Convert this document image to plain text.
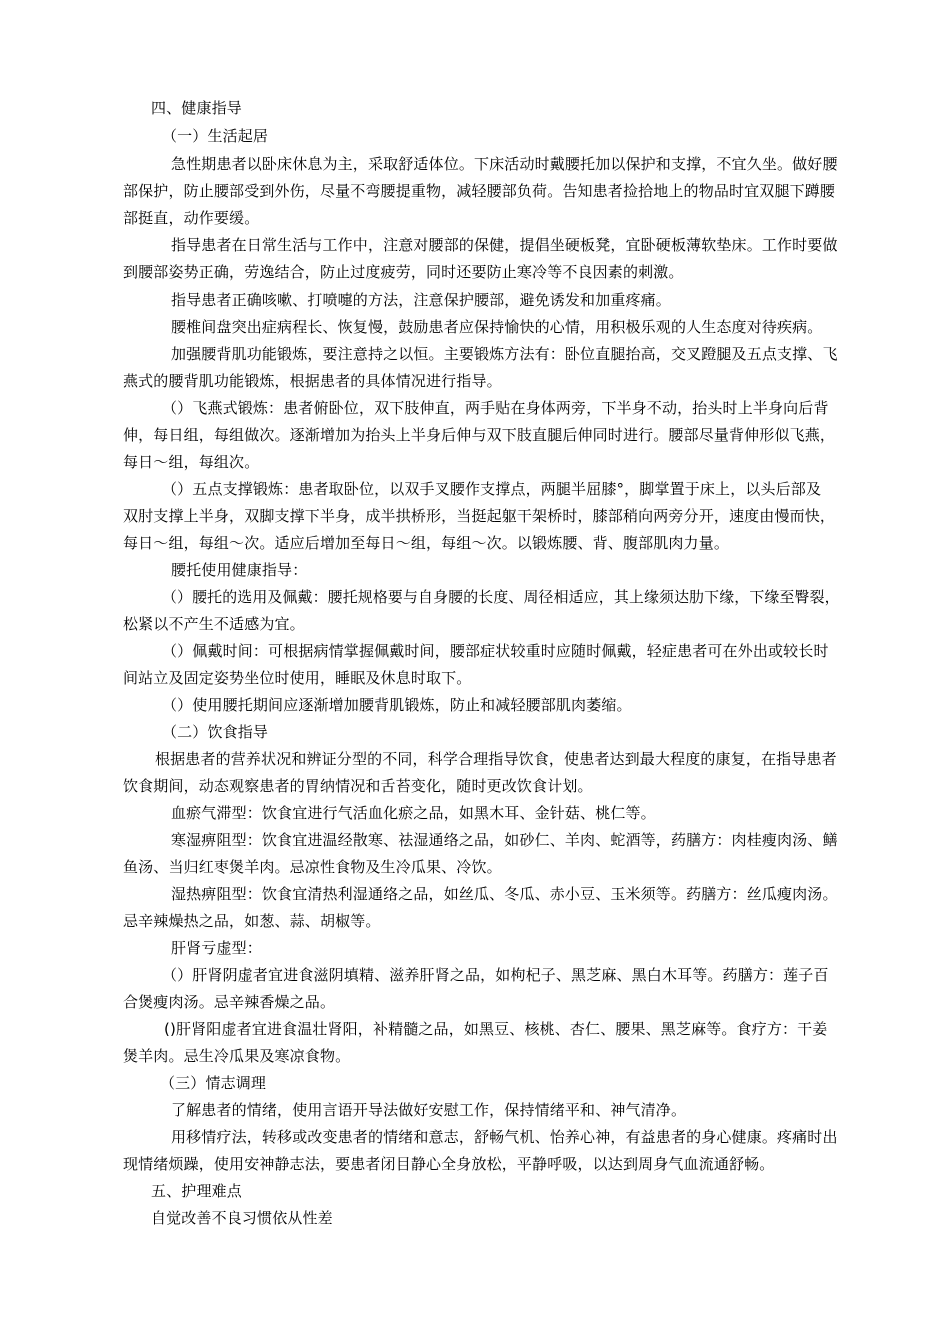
四、健康指导
（一）生活起居
急性期患者以卧床休息为主，采取舒适体位。下床活动时戴腰托加以保护和支撑，不宜久坐。做好腰
部保护，防止腰部受到外伤，尽量不弯腰提重物，减轻腰部负荷。告知患者捡拾地上的物品时宜双腿下蹲腰
部挺直，动作要缓。
指导患者在日常生活与工作中，注意对腰部的保健，提倡坐硬板凳，宜卧硬板薄软垫床。工作时要做
到腰部姿势正确，劳逸结合，防止过度疲劳，同时还要防止寒冷等不良因素的刺激。
指导患者正确咳嗽、打喷嚏的方法，注意保护腰部，避免诱发和加重疼痛。
腰椎间盘突出症病程长、恢复慢，鼓励患者应保持愉快的心情，用积极乐观的人生态度对待疾病。
加强腰背肌功能锻炼，要注意持之以恒。主要锻炼方法有：卧位直腿抬高，交叉蹬腿及五点支撑、飞
燕式的腰背肌功能锻炼，根据患者的具体情况进行指导。
（）飞燕式锻炼：患者俯卧位，双下肢伸直，两手贴在身体两旁，下半身不动，抬头时上半身向后背
伸，每日组，每组做次。逐渐增加为抬头上半身后伸与双下肢直腿后伸同时进行。腰部尽量背伸形似飞燕，
每日～组，每组次。
（）五点支撑锻炼：患者取卧位，以双手叉腰作支撑点，两腿半屈膝°，脚掌置于床上，以头后部及
双肘支撑上半身，双脚支撑下半身，成半拱桥形，当挺起躯干架桥时，膝部稍向两旁分开，速度由慢而快，
每日～组，每组～次。适应后增加至每日～组，每组～次。以锻炼腰、背、腹部肌肉力量。
腰托使用健康指导：
（）腰托的选用及佩戴：腰托规格要与自身腰的长度、周径相适应，其上缘须达肋下缘，下缘至臀裂，
松紧以不产生不适感为宜。
（）佩戴时间：可根据病情掌握佩戴时间，腰部症状较重时应随时佩戴，轻症患者可在外出或较长时
间站立及固定姿势坐位时使用，睡眠及休息时取下。
（）使用腰托期间应逐渐增加腰背肌锻炼，防止和减轻腰部肌肉萎缩。
（二）饮食指导
根据患者的营养状况和辨证分型的不同，科学合理指导饮食，使患者达到最大程度的康复，在指导患者
饮食期间，动态观察患者的胃纳情况和舌苔变化，随时更改饮食计划。
血瘀气滞型：饮食宜进行气活血化瘀之品，如黑木耳、金针菇、桃仁等。
寒湿痹阻型：饮食宜进温经散寒、祛湿通络之品，如砂仁、羊肉、蛇酒等，药膳方：肉桂瘦肉汤、鳝
鱼汤、当归红枣煲羊肉。忌凉性食物及生冷瓜果、冷饮。
湿热痹阻型：饮食宜清热利湿通络之品，如丝瓜、冬瓜、赤小豆、玉米须等。药膳方：丝瓜瘦肉汤。
忌辛辣燥热之品，如葱、蒜、胡椒等。
肝肾亏虚型：
（）肝肾阴虚者宜进食滋阴填精、滋养肝肾之品，如枸杞子、黑芝麻、黑白木耳等。药膳方：莲子百
合煲瘦肉汤。忌辛辣香燥之品。
()肝肾阳虚者宜进食温壮肾阳，补精髓之品，如黑豆、核桃、杏仁、腰果、黑芝麻等。食疗方：干姜
煲羊肉。忌生冷瓜果及寒凉食物。
（三）情志调理
了解患者的情绪，使用言语开导法做好安慰工作，保持情绪平和、神气清净。
用移情疗法，转移或改变患者的情绪和意志，舒畅气机、怡养心神，有益患者的身心健康。疼痛时出
现情绪烦躁，使用安神静志法，要患者闭目静心全身放松，平静呼吸，以达到周身气血流通舒畅。
五、护理难点
自觉改善不良习惯依从性差
